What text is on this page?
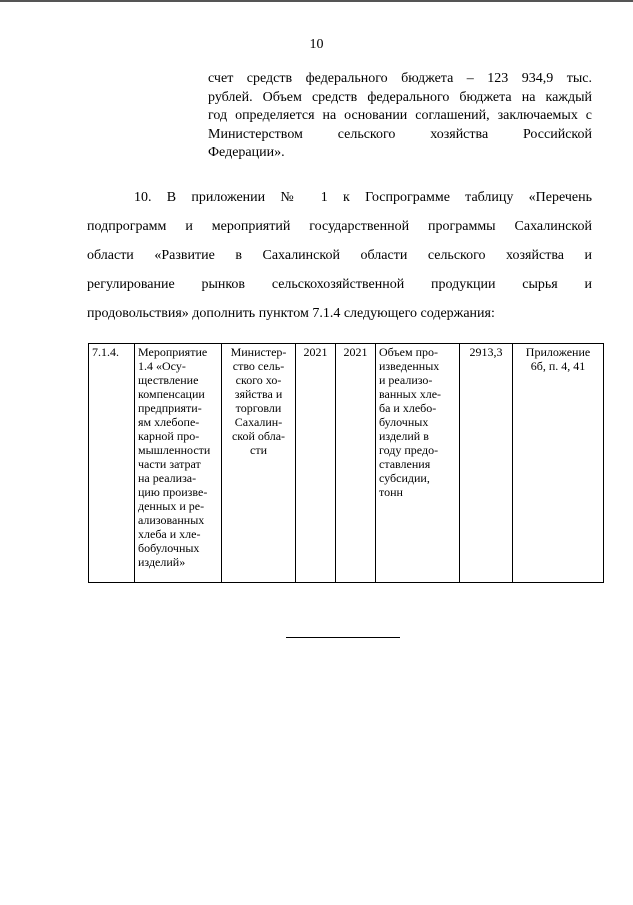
10
счет средств федерального бюджета – 123 934,9 тыс.
рублей. Объем средств федерального бюджета на каждый
год определяется на основании соглашений, заключаемых с
Министерством сельского хозяйства Российской
Федерации».
10. В приложении № 1 к Госпрограмме таблицу «Перечень
подпрограмм и мероприятий государственной программы Сахалинской
области «Развитие в Сахалинской области сельского хозяйства и
регулирование рынков сельскохозяйственной продукции сырья и
продовольствия» дополнить пунктом 7.1.4 следующего содержания:
7.1.4.	Мероприятие 1.4 «Осу-
ществление
компенсации
предприяти-
ям хлебопе-
карной про-
мышленности
части затрат
на реализа-
цию произве-
денных и ре-
ализованных
хлеба и хле-
бобулочных
изделий»	Министер-
ство сель-
ского хо-
зяйства и
торговли
Сахалин-
ской обла-
сти	2021	2021	Объем про-
изведенных
и реализо-
ванных хле-
ба и хлебо-
булочных
изделий в
году предо-
ставления
субсидии,
тонн	2913,3	Приложение
6б, п. 4, 41
